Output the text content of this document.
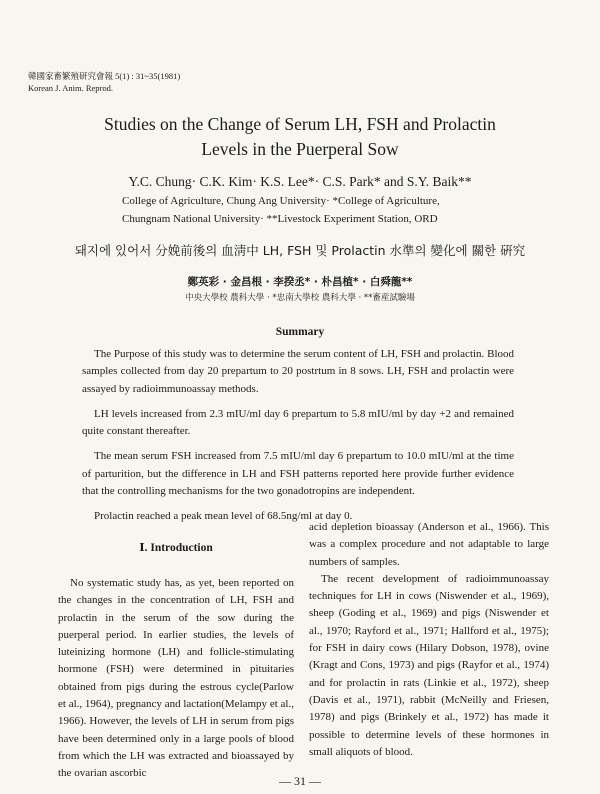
韓國家畜繁殖研究會報 5(1) : 31~35(1981)
Korean J. Anim. Reprod.
Studies on the Change of Serum LH, FSH and Prolactin
Levels in the Puerperal Sow
Y.C. Chung· C.K. Kim· K.S. Lee*· C.S. Park* and S.Y. Baik**
College of Agriculture, Chung Ang University· *College of Agriculture,
Chungnam National University· **Livestock Experiment Station, ORD
돼지에 있어서 分娩前後의 血淸中 LH, FSH 및 Prolactin 水準의 變化에 關한 硏究
鄭英彩 · 金昌根 · 李揆丞* · 朴昌植* · 白舜龍**
中央大學校 農科大學 · *忠南大學校 農科大學 · **畜産試驗場
Summary

The Purpose of this study was to determine the serum content of LH, FSH and prolactin. Blood samples collected from day 20 prepartum to 20 postrtum in 8 sows. LH, FSH and prolactin were assayed by radioimmunoassay methods.

LH levels increased from 2.3 mIU/ml day 6 prepartum to 5.8 mIU/ml by day +2 and remained quite constant thereafter.

The mean serum FSH increased from 7.5 mIU/ml day 6 prepartum to 10.0 mIU/ml at the time of parturition, but the difference in LH and FSH patterns reported here provide further evidence that the controlling mechanisms for the two gonadotropins are independent.

Prolactin reached a peak mean level of 68.5ng/ml at day 0.

Ⅰ. Introduction

No systematic study has, as yet, been reported on the changes in the concentration of LH, FSH and prolactin in the serum of the sow during the puerperal period. In earlier studies, the levels of luteinizing hormone (LH) and follicle-stimulating hormone (FSH) were determined in pituitaries obtained from pigs during the estrous cycle(Parlow et al., 1964), pregnancy and lactation(Melampy et al., 1966). However, the levels of LH in serum from pigs have been determined only in a large pools of blood from which the LH was extracted and bioassayed by the ovarian ascorbic

acid depletion bioassay (Anderson et al., 1966). This was a complex procedure and not adaptable to large numbers of samples.

The recent development of radioimmunoassay techniques for LH in cows (Niswender et al., 1969), sheep (Goding et al., 1969) and pigs (Niswender et al., 1970; Rayford et al., 1971; Hallford et al., 1975); for FSH in dairy cows (Hilary Dobson, 1978), ovine (Kragt and Cons, 1973) and pigs (Rayfor et al., 1974) and for prolactin in rats (Linkie et al., 1972), sheep (Davis et al., 1971), rabbit (McNeilly and Friesen, 1978) and pigs (Brinkely et al., 1972) has made it possible to determine levels of these hormones in small aliquots of blood.

— 31 —
